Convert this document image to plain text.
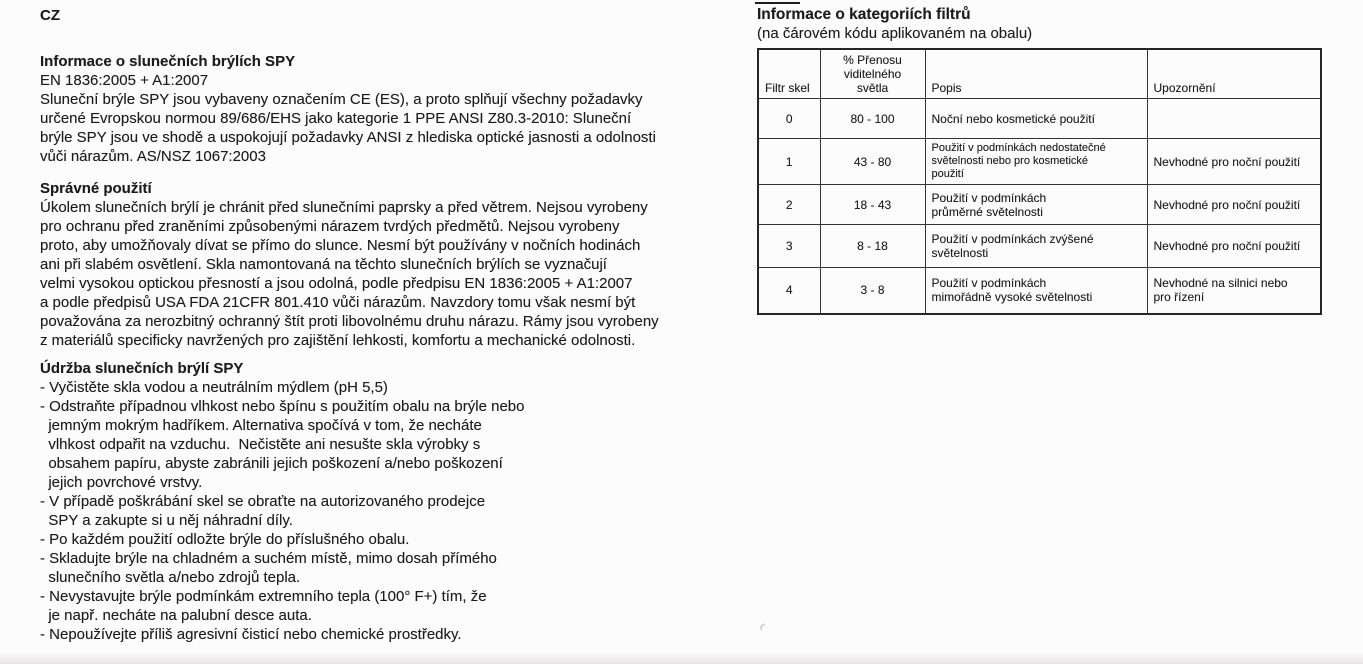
CZ
Informace o slunečních brýlích SPY
EN 1836:2005 + A1:2007
Sluneční brýle SPY jsou vybaveny označením CE (ES), a proto splňují všechny požadavky
určené Evropskou normou 89/686/EHS jako kategorie 1 PPE ANSI Z80.3-2010: Sluneční
brýle SPY jsou ve shodě a uspokojují požadavky ANSI z hlediska optické jasnosti a odolnosti
vůči nárazům. AS/NSZ 1067:2003
Správné použití
Úkolem slunečních brýlí je chránit před slunečními paprsky a před větrem. Nejsou vyrobeny
pro ochranu před zraněními způsobenými nárazem tvrdých předmětů. Nejsou vyrobeny
proto, aby umožňovaly dívat se přímo do slunce. Nesmí být používány v nočních hodinách
ani při slabém osvětlení. Skla namontovaná na těchto slunečních brýlích se vyznačují
velmi vysokou optickou přesností a jsou odolná, podle předpisu EN 1836:2005 + A1:2007
a podle předpisů USA FDA 21CFR 801.410 vůči nárazům. Navzdory tomu však nesmí být
považována za nerozbitný ochranný štít proti libovolnému druhu nárazu. Rámy jsou vyrobeny
z materiálů specificky navržených pro zajištění lehkosti, komfortu a mechanické odolnosti.
Údržba slunečních brýlí SPY
- Vyčistěte skla vodou a neutrálním mýdlem (pH 5,5)
- Odstraňte případnou vlhkost nebo špínu s použitím obalu na brýle nebo
jemným mokrým hadříkem. Alternativa spočívá v tom, že necháte
vlhkost odpařit na vzduchu.  Nečistěte ani nesušte skla výrobky s
obsahem papíru, abyste zabránili jejich poškození a/nebo poškození
jejich povrchové vrstvy.
- V případě poškrábání skel se obraťte na autorizovaného prodejce
SPY a zakupte si u něj náhradní díly.
- Po každém použití odložte brýle do příslušného obalu.
- Skladujte brýle na chladném a suchém místě, mimo dosah přímého
slunečního světla a/nebo zdrojů tepla.
- Nevystavujte brýle podmínkám extremního tepla (100° F+) tím, že
je např. necháte na palubní desce auta.
- Nepoužívejte příliš agresivní čisticí nebo chemické prostředky.
Informace o kategoriích filtrů
(na čárovém kódu aplikovaném na obalu)
Filtr skel	% Přenosu
viditelného světla	Popis	Upozornění
0	80 - 100	Noční nebo kosmetické použití	
1	43 - 80	Použití v podmínkách nedostatečné
světelnosti nebo pro kosmetické
použití	Nevhodné pro noční použití
2	18 - 43	Použití v podmínkách
průměrné světelnosti	Nevhodné pro noční použití
3	8 - 18	Použití v podmínkách zvýšené
světelnosti	Nevhodné pro noční použití
4	3 - 8	Použití v podmínkách
mimořádně vysoké světelnosti	Nevhodné na silnici nebo
pro řízení
